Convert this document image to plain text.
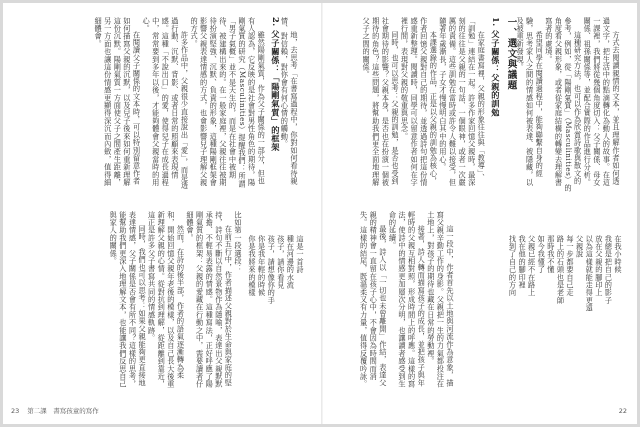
地，去思考「在書寫過程中，你對如何看待親情、對信賴，對你會有何心情的觸動。

2. 父子關係：「陽剛氣質」的框架

雖然陽剛氣質，作為父子關係的一部分，但也有人認為，它反映的是社會對男性角色的期待，陽剛氣質的研究（Masculinities）提醒我們：所謂「男子氣概」並不是天生的，而是在社會中被期待、被建構出來的。在一般家庭裡，父親往往被期待扮演堅強、沉默、負責的形象，這種陽剛框架會影響父親表達情感的方式，也會影響兒子理解父親的方式。

許多作品中，父親很少直接說出「愛」，而是透過行動、沉默、背影、或者日常的照顧來表現情感。這種「不說出口」的愛，使得兒子在成長過程中，常常要到多年以後，才能夠體會父親當時的用心。

在閱讀父子關係的文本時，可以特別留意作者如何描寫父親的沉默，以及兒子後來如何重新理解這份沉默。陽剛氣質一方面使父子之間產生距離，另一方面也讓這份情感更顯得深沉而內斂，值得細細體會。

比如第一段選段：

在前五行中，作者描述父親對於生命與家庭的堅持，詩句不斷以自然景物作為隱喻，表達出父親默默承擔、不輕易表露的情感。這種寫法，正好呼應了陽剛氣質的框架：父親的愛藏在行動之中，需要讀者仔細體會。

然而，在詩的後半部，作者的語氣逐漸轉為柔和，開始回憶父親年老後的模樣，以及自己長大後重新理解父親的心情。從對抗到理解，從距離到靠近，這正是許多父子書寫共同的情感軌跡。

同時，我們也可以思考：如果父親能夠更直接地表達情感，父子關係是否會有所不同？這樣的思考，能幫助我們更深入地理解文本，也能讓我們反思自己與家人的關係。	這是一首詩

種在河邊的水流

孩子，請你看見

孩子，請想像你的手

你是我年輕的時候

你是我將來的模樣

23 第二課　書寫孩童的寫作

方式去閱讀親情的文本，並且理解作者如何透過文字，把生活中的點滴轉化為動人的故事。在這一課裡，我們將從幾個角度切入：父子關係、母女關係、祖孫關係等，並配合實際的作品進行分析。

這種研究方法，也可以作為欣賞詩歌與散文的參考，例如，從「陽剛氣質」（Masculinities）的角度看父親形象，或者從家庭結構的轉變去理解書寫者的處境。

希望同學在閱讀過程中，能夠聯繫自身的經驗，思考家人之間的情感如何被表達、被隱藏，以及被重新發現。

一、選文與議題

1. 父子關係：父親的訓勉

在家庭書寫裡，父親的形象往往與「教導」、「訓勉」連結在一起。許多作家回憶父親時，最深刻的往往是父親的一句話、一個眼神，或者一次嚴厲的責備。這些訓勉在當時或許令人難以接受，但隨著年歲漸長，子女才慢慢明白其中的用心。

本課選錄的作品，正是以父親的訓勉為核心，作者回憶父親對自己的期待，並透過詩句把這份情感重新整理。閱讀時，同學可以留意作者如何在字裡行間，表現對父親的敬重與思念。

同時，也可以思考：父親的訓勉，是否也受到社會期待的影響？父親本身，是否也在扮演一個被期待的角色？這些問題，將幫助我們更全面地理解父子之間的關係。

這一段中，作者首先以土地與河流作為意象，描寫父親辛勤工作的身影。父親把一生的力氣都投注在土地上，對孩子的期待也藏在日常的勞動裡。

接著，詩人轉而描寫孩子的成長，並把孩子與年輕時的父親互相對照，形成時間上的呼應。這樣的寫法，使詩中的情感更加層次分明，也讓讀者感受到生命的延續。

最後，詩人以「一切也未曾離開」作結，表達父親的精神會一直留在孩子心中，不會因為時間而消失。這樣的結尾，既溫柔又有力量，值得反覆吟詠。	在我小時候

我總是把自己的影子

放在父親的腳印上

以為這樣就能走得更遠

父親說

每一步都要自己走

路上的石頭也是老師

那時我不懂

如今我懂了

父親已經不在路上

我在他的腳印裡

找到了自己的方向

22
